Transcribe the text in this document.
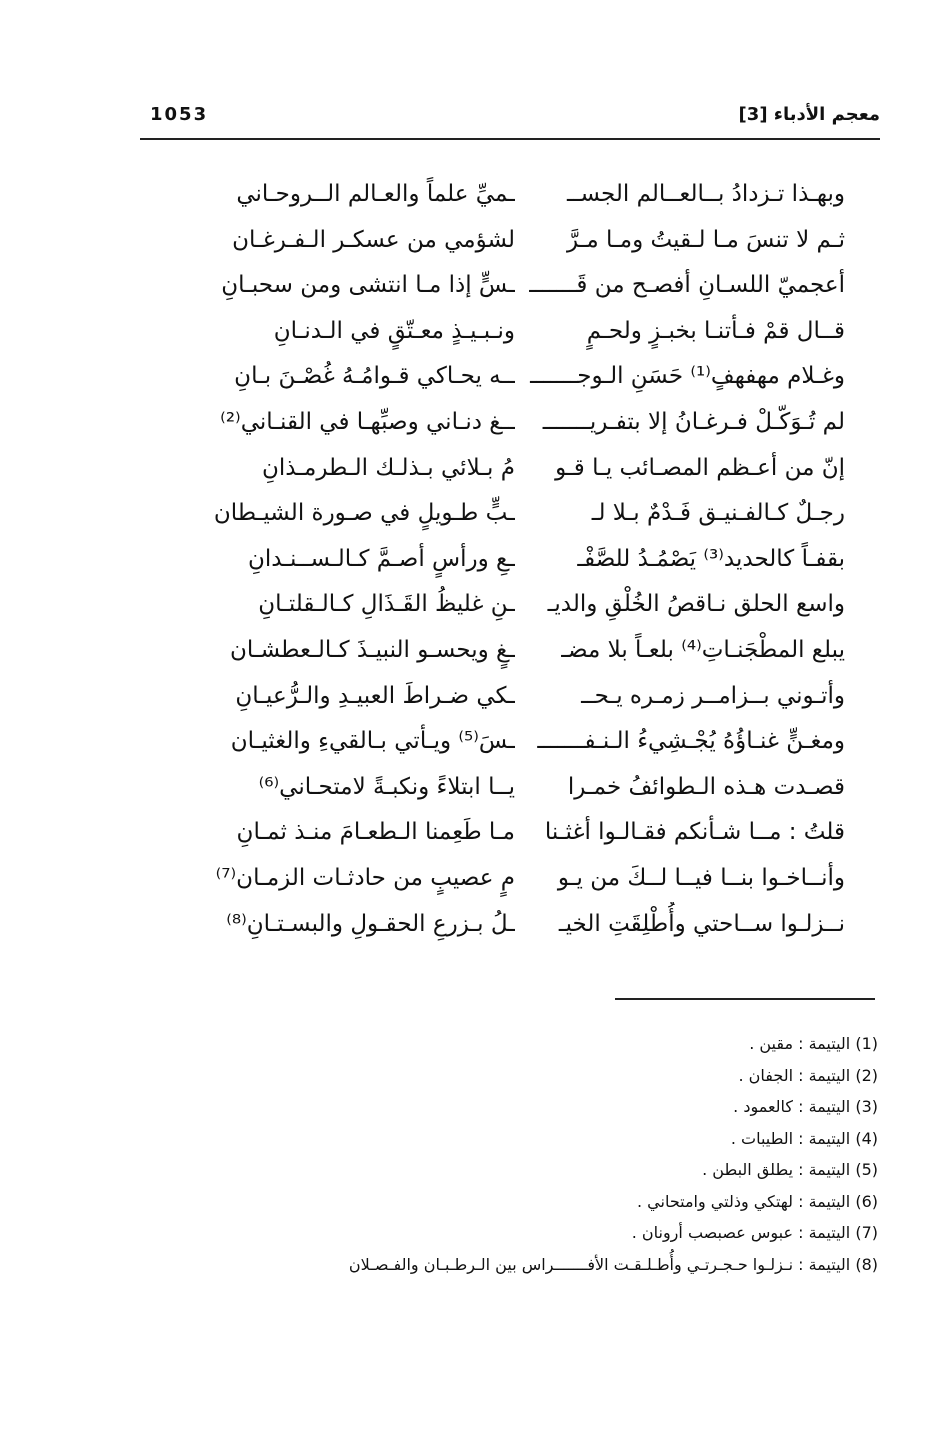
معجم الأدباء [3]
1053
وبهـذا تـزدادُ بــالعــالم الجســ
ـميِّ علماً والعـالم الــروحـاني
ثـم لا تنسَ مـا لـقيتُ ومـا مـرَّ
لشؤمي من عسكـر الـفـرغـان
أعجميّ اللسـانِ أفصـح من قَـــــــ
ـسٍّ إذا مـا انتشى ومن سحبـانِ
قــال قمْ فـأتنـا بخبـزٍ ولحـمٍ
ونـبـيـذٍ معـتّقٍ في الـدنـانِ
وغـلام مهفهفٍ⁽¹⁾ حَسَنِ الـوجـــــــ
ــه يحـاكي قـوامُـهُ غُصْـنَ بـانِ
لم تُـوَكّـلْ فـرغـانُ إلا بتفـريـــــــ
ــغ دنـاني وصبِّهـا في القنـاني⁽²⁾
إنّ من أعـظم المصـائب يـا قـو
مُ بـلائي بـذلـك الـطرمـذانِ
رجـلٌ كـالفـنيـق فَـدْمٌ بـلا لـ
ـبٍّ طـويلٍ في صـورة الشيـطان
بقفـاً كالحديد⁽³⁾ يَصْمُـدُ للصَّفْـ
ـعِ ورأسٍ أصـمَّ كـالـســنـدانِ
واسع الحلق نـاقصُ الخُلْقِ والديـ
ـنِ غليظُ القَـذَالِ كـالـقلتـانِ
يبلع المطْجَنـاتِ⁽⁴⁾ بلعـاً بلا مضـ
ـغٍ ويحسـو النبيـذَ كـالـعطشـان
وأتـوني بــزامــر زمـره يـحــ
ـكي ضـراطَ العبيـدِ والـرُّعيـانِ
ومغـنٍّ غنـاؤُهُ يُجْـشِيءُ الـنـفـــــــ
ـسَ⁽⁵⁾ ويـأتي بـالقيءِ والغثيـان
قصـدت هـذه الـطوائفُ خمـرا
يــا ابتلاءً ونكبـةً لامتحـاني⁽⁶⁾
قلتُ : مــا شـأنكم فقـالـوا أغثـنا
مـا طَعِمنا الـطعـامَ منـذ ثمـانِ
وأنــاخـوا بنــا فيــا لــكَ من يـو
مٍ عصيبٍ من حادثـات الزمـان⁽⁷⁾
نــزلـوا ســاحتي وأُطْلِقَتِ الخيـ
ـلُ بـزرعِ الحقـولِ والبسـتـانِ⁽⁸⁾
(1) اليتيمة : مقين .
(2) اليتيمة : الجفان .
(3) اليتيمة : كالعمود .
(4) اليتيمة : الطيبات .
(5) اليتيمة : يطلق البطن .
(6) اليتيمة : لهتكي وذلتي وامتحاني .
(7) اليتيمة : عبوس عصبصب أرونان .
(8) اليتيمة : نـزلـوا حـجـرتـي وأُطـلـقـت الأفـــــــراس بين الـرطـبـان والفـصـلان
